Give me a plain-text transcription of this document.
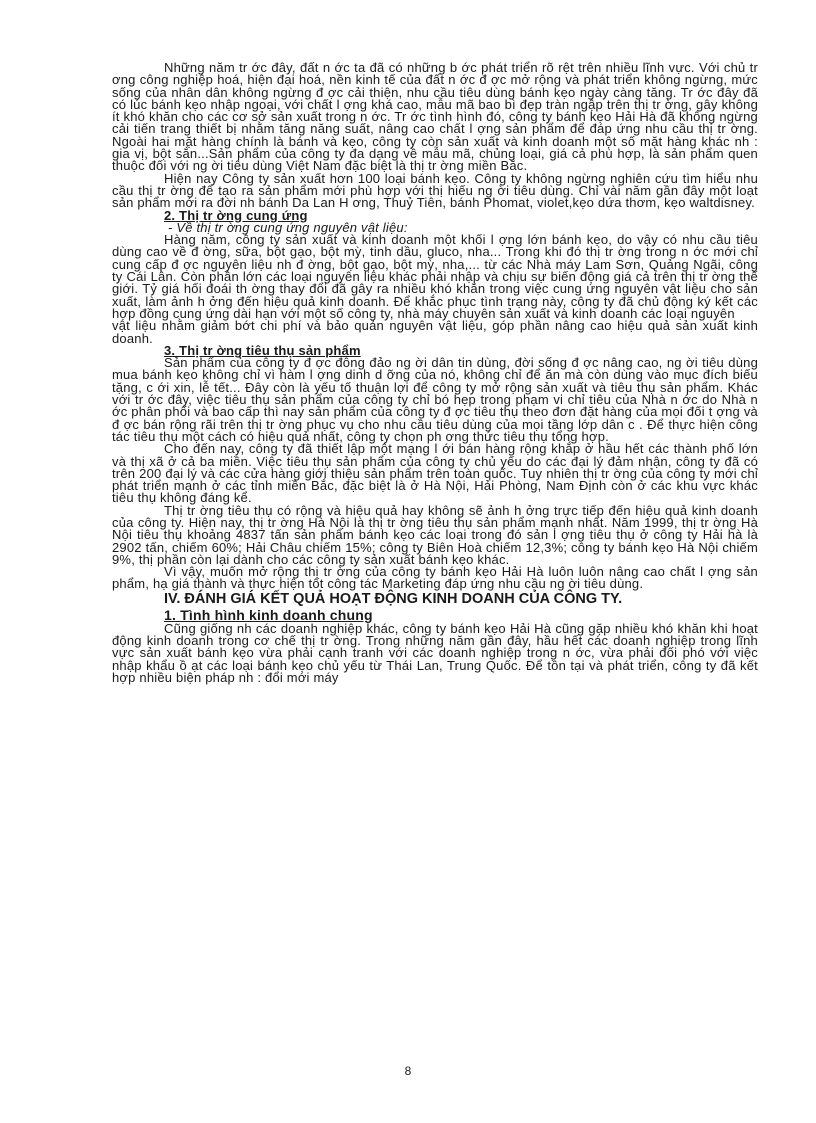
Những năm tr ớc đây, đất n ớc ta đã có những b ớc phát triển rõ rệt trên nhiều lĩnh vực. Với chủ tr ơng công nghiệp hoá, hiện đại hoá, nền kinh tế của đất n ớc đ ợc mở rộng và phát triển không ngừng, mức sống của nhân dân không ngừng đ ợc cải thiện, nhu cầu tiêu dùng bánh kẹo ngày càng tăng. Tr ớc đây đã có lúc bánh kẹo nhập ngoại, với chất l ợng khá cao, mẫu mã bao bì đẹp tràn ngập trên thị tr ờng, gây không ít khó khăn cho các cơ sở sản xuất trong n ớc. Tr ớc tình hình đó, công ty bánh kẹo Hải Hà đã không ngừng cải tiến trang thiết bị nhằm tăng năng suất, nâng cao chất l ợng sản phẩm để đáp ứng nhu cầu thị tr ờng. Ngoài hai mặt hàng chính là bánh và kẹo, công ty còn sản xuất và kinh doanh một số mặt hàng khác nh : gia vị, bột sắn...Sản phẩm của công ty đa dạng về mẫu mã, chủng loại, giá cả phù hợp, là sản phẩm quen thuộc đối với ng ời tiêu dùng Việt Nam đặc biệt là thị tr ờng miền Bắc.

Hiện nay Công ty sản xuất hơn 100 loại bánh kẹo. Công ty không ngừng nghiên cứu tìm hiểu nhu cầu thị tr ờng để tạo ra sản phẩm mới phù hợp với thị hiếu ng ời tiêu dùng. Chỉ vài năm gần đây một loạt sản phẩm mới ra đời nh bánh Da Lan H ơng, Thuỷ Tiên, bánh Phomat, violet,kẹo dứa thơm, kẹo waltdisney.

2. Thị tr ờng cung ứng

- Về thị tr ờng cung ứng nguyên vật liệu:

Hàng năm, công ty sản xuất và kinh doanh một khối l ợng lớn bánh kẹo, do vậy có nhu cầu tiêu dùng cao về đ ờng, sữa, bột gạo, bột mỳ, tinh dầu, gluco, nha... Trong khi đó thị tr ờng trong n ớc mới chỉ cung cấp đ ợc nguyên liệu nh đ ờng, bột gạo, bột mỳ, nha,... từ các Nhà máy Lam Sơn, Quảng Ngãi, công ty Cái Lân. Còn phần lớn các loại nguyên liệu khác phải nhập và chịu sự biến động giá cả trên thị tr ờng thế giới. Tỷ giá hối đoái th ờng thay đổi đã gây ra nhiều khó khăn trong việc cung ứng nguyên vật liệu cho sản xuất, làm ảnh h ởng đến hiệu quả kinh doanh. Để khắc phục tình trạng này, công ty đã chủ động ký kết các hợp đồng cung ứng dài hạn với một số công ty, nhà máy chuyên sản xuất và kinh doanh các loại nguyên

vật liệu nhằm giảm bớt chi phí và bảo quản nguyên vật liệu, góp phần nâng cao hiệu quả sản xuất kinh doanh.

3. Thị tr ờng tiêu thụ sản phẩm

Sản phẩm của công ty đ ợc đông đảo ng ời dân tin dùng, đời sống đ ợc nâng cao, ng ời tiêu dùng mua bánh kẹo không chỉ vì hàm l ợng dinh d ỡng của nó, không chỉ để ăn mà còn dùng vào mục đích biếu tặng, c ới xin, lễ tết... Đây còn là yếu tố thuận lợi để công ty mở rộng sản xuất và tiêu thụ sản phẩm. Khác với tr ớc đây, việc tiêu thụ sản phẩm của công ty chỉ bó hẹp trong phạm vi chỉ tiêu của Nhà n ớc do Nhà n ớc phân phối và bao cấp thì nay sản phẩm của công ty đ ợc tiêu thụ theo đơn đặt hàng của mọi đối t ợng và đ ợc bán rộng rãi trên thị tr ờng phục vụ cho nhu cầu tiêu dùng của mọi tầng lớp dân c . Để thực hiện công tác tiêu thụ một cách có hiệu quả nhất, công ty chọn ph ơng thức tiêu thụ tổng hợp.

Cho đến nay, công ty đã thiết lập một mạng l ới bán hàng rộng khắp ở hầu hết các thành phố lớn và thị xã ở cả ba miền. Việc tiêu thụ sản phẩm của công ty chủ yếu do các đại lý đảm nhận, công ty đã có trên 200 đại lý và các cửa hàng giới thiệu sản phẩm trên toàn quốc. Tuy nhiên thị tr ờng của công ty mới chỉ phát triển mạnh ở các tỉnh miền Bắc, đặc biệt là ở Hà Nội, Hải Phòng, Nam Định còn ở các khu vực khác tiêu thụ không đáng kể.

Thị tr ờng tiêu thụ có rộng và hiệu quả hay không sẽ ảnh h ởng trực tiếp đến hiệu quả kinh doanh của công ty. Hiện nay, thị tr ờng Hà Nội là thị tr ờng tiêu thụ sản phẩm mạnh nhất. Năm 1999, thị tr ờng Hà Nội tiêu thụ khoảng 4837 tấn sản phẩm bánh kẹo các loại trong đó sản l ợng tiêu thụ ở công ty Hải hà là 2902 tấn, chiếm 60%; Hải Châu chiếm 15%; công ty Biên Hoà chiếm 12,3%; công ty bánh kẹo Hà Nội chiếm 9%, thị phần còn lại dành cho các công ty sản xuất bánh kẹo khác.

Vì vậy, muốn mở rộng thị tr ờng của công ty bánh kẹo Hải Hà luôn luôn nâng cao chất l ợng sản phẩm, hạ giá thành và thực hiện tốt công tác Marketing đáp ứng nhu cầu ng ời tiêu dùng.

IV. ĐÁNH GIÁ KẾT QUẢ HOẠT ĐỘNG KINH DOANH CỦA CÔNG TY.

1. Tình hình kinh doanh chung

Cũng giống nh các doanh nghiệp khác, công ty bánh kẹo Hải Hà cũng gặp nhiều khó khăn khi hoạt động kinh doanh trong cơ chế thị tr ờng. Trong những năm gần đây, hầu hết các doanh nghiệp trong lĩnh vực sản xuất bánh kẹo vừa phải cạnh tranh với các doanh nghiệp trong n ớc, vừa phải đối phó với việc nhập khẩu ồ ạt các loại bánh kẹo chủ yếu từ Thái Lan, Trung Quốc. Để tồn tại và phát triển, công ty đã kết hợp nhiều biện pháp nh : đổi mới máy

8
